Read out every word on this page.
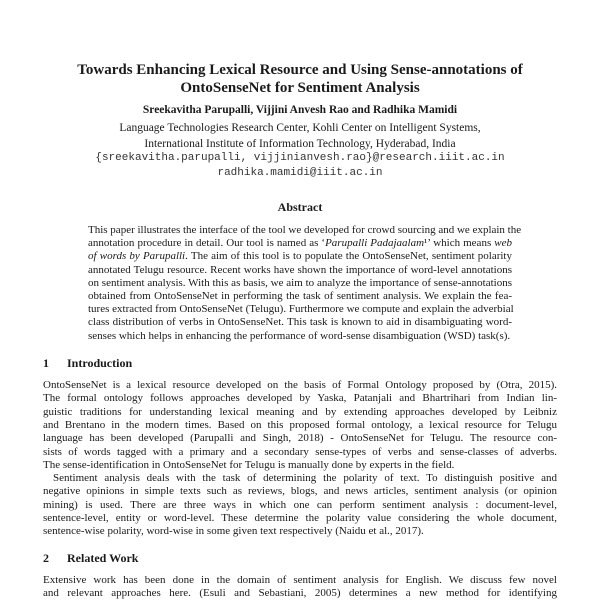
Towards Enhancing Lexical Resource and Using Sense-annotations of
OntoSenseNet for Sentiment Analysis
Sreekavitha Parupalli, Vijjini Anvesh Rao and Radhika Mamidi
Language Technologies Research Center, Kohli Center on Intelligent Systems,
International Institute of Information Technology, Hyderabad, India
{sreekavitha.parupalli, vijjinianvesh.rao}@research.iiit.ac.in
radhika.mamidi@iiit.ac.in
Abstract
This paper illustrates the interface of the tool we developed for crowd sourcing and we explain the
annotation procedure in detail. Our tool is named as ‘Parupalli Padajaalam¹’ which means web
of words by Parupalli. The aim of this tool is to populate the OntoSenseNet, sentiment polarity
annotated Telugu resource. Recent works have shown the importance of word-level annotations
on sentiment analysis. With this as basis, we aim to analyze the importance of sense-annotations
obtained from OntoSenseNet in performing the task of sentiment analysis. We explain the fea-
tures extracted from OntoSenseNet (Telugu). Furthermore we compute and explain the adverbial
class distribution of verbs in OntoSenseNet. This task is known to aid in disambiguating word-
senses which helps in enhancing the performance of word-sense disambiguation (WSD) task(s).
1 Introduction
OntoSenseNet is a lexical resource developed on the basis of Formal Ontology proposed by (Otra, 2015).
The formal ontology follows approaches developed by Yaska, Patanjali and Bhartrihari from Indian lin-
guistic traditions for understanding lexical meaning and by extending approaches developed by Leibniz
and Brentano in the modern times. Based on this proposed formal ontology, a lexical resource for Telugu
language has been developed (Parupalli and Singh, 2018) - OntoSenseNet for Telugu. The resource con-
sists of words tagged with a primary and a secondary sense-types of verbs and sense-classes of adverbs.
The sense-identification in OntoSenseNet for Telugu is manually done by experts in the field.
Sentiment analysis deals with the task of determining the polarity of text. To distinguish positive and
negative opinions in simple texts such as reviews, blogs, and news articles, sentiment analysis (or opinion
mining) is used. There are three ways in which one can perform sentiment analysis : document-level,
sentence-level, entity or word-level. These determine the polarity value considering the whole document,
sentence-wise polarity, word-wise in some given text respectively (Naidu et al., 2017).
2 Related Work
Extensive work has been done in the domain of sentiment analysis for English. We discuss few novel
and relevant approaches here. (Esuli and Sebastiani, 2005) determines a new method for identifying
